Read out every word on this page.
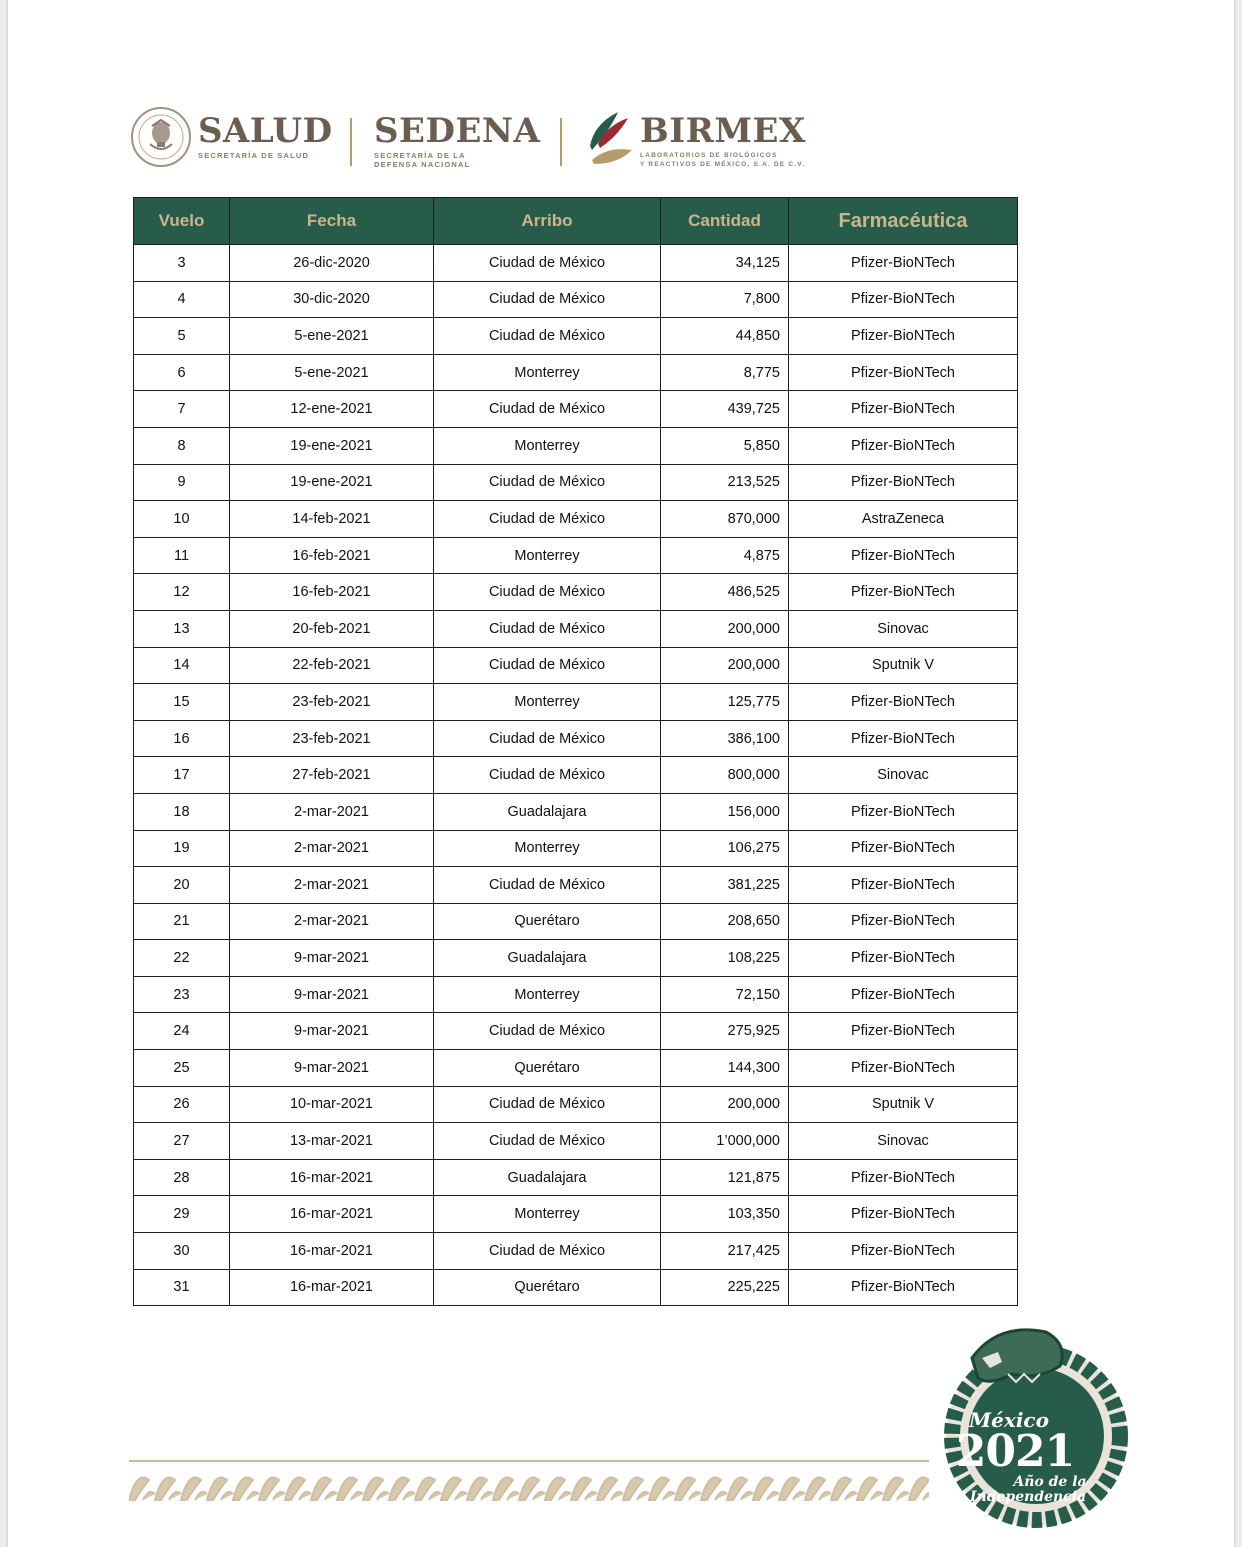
SALUD
SECRETARÍA DE SALUD
SEDENA
SECRETARÍA DE LA
DEFENSA NACIONAL
BIRMEX
LABORATORIOS DE BIOLÓGICOS
Y REACTIVOS DE MÉXICO, S.A. DE C.V.
Vuelo	Fecha	Arribo	Cantidad	Farmacéutica
3	26-dic-2020	Ciudad de México	34,125	Pfizer-BioNTech
4	30-dic-2020	Ciudad de México	7,800	Pfizer-BioNTech
5	5-ene-2021	Ciudad de México	44,850	Pfizer-BioNTech
6	5-ene-2021	Monterrey	8,775	Pfizer-BioNTech
7	12-ene-2021	Ciudad de México	439,725	Pfizer-BioNTech
8	19-ene-2021	Monterrey	5,850	Pfizer-BioNTech
9	19-ene-2021	Ciudad de México	213,525	Pfizer-BioNTech
10	14-feb-2021	Ciudad de México	870,000	AstraZeneca
11	16-feb-2021	Monterrey	4,875	Pfizer-BioNTech
12	16-feb-2021	Ciudad de México	486,525	Pfizer-BioNTech
13	20-feb-2021	Ciudad de México	200,000	Sinovac
14	22-feb-2021	Ciudad de México	200,000	Sputnik V
15	23-feb-2021	Monterrey	125,775	Pfizer-BioNTech
16	23-feb-2021	Ciudad de México	386,100	Pfizer-BioNTech
17	27-feb-2021	Ciudad de México	800,000	Sinovac
18	2-mar-2021	Guadalajara	156,000	Pfizer-BioNTech
19	2-mar-2021	Monterrey	106,275	Pfizer-BioNTech
20	2-mar-2021	Ciudad de México	381,225	Pfizer-BioNTech
21	2-mar-2021	Querétaro	208,650	Pfizer-BioNTech
22	9-mar-2021	Guadalajara	108,225	Pfizer-BioNTech
23	9-mar-2021	Monterrey	72,150	Pfizer-BioNTech
24	9-mar-2021	Ciudad de México	275,925	Pfizer-BioNTech
25	9-mar-2021	Querétaro	144,300	Pfizer-BioNTech
26	10-mar-2021	Ciudad de México	200,000	Sputnik V
27	13-mar-2021	Ciudad de México	1’000,000	Sinovac
28	16-mar-2021	Guadalajara	121,875	Pfizer-BioNTech
29	16-mar-2021	Monterrey	103,350	Pfizer-BioNTech
30	16-mar-2021	Ciudad de México	217,425	Pfizer-BioNTech
31	16-mar-2021	Querétaro	225,225	Pfizer-BioNTech
México
2021
Año de la
Independencia
